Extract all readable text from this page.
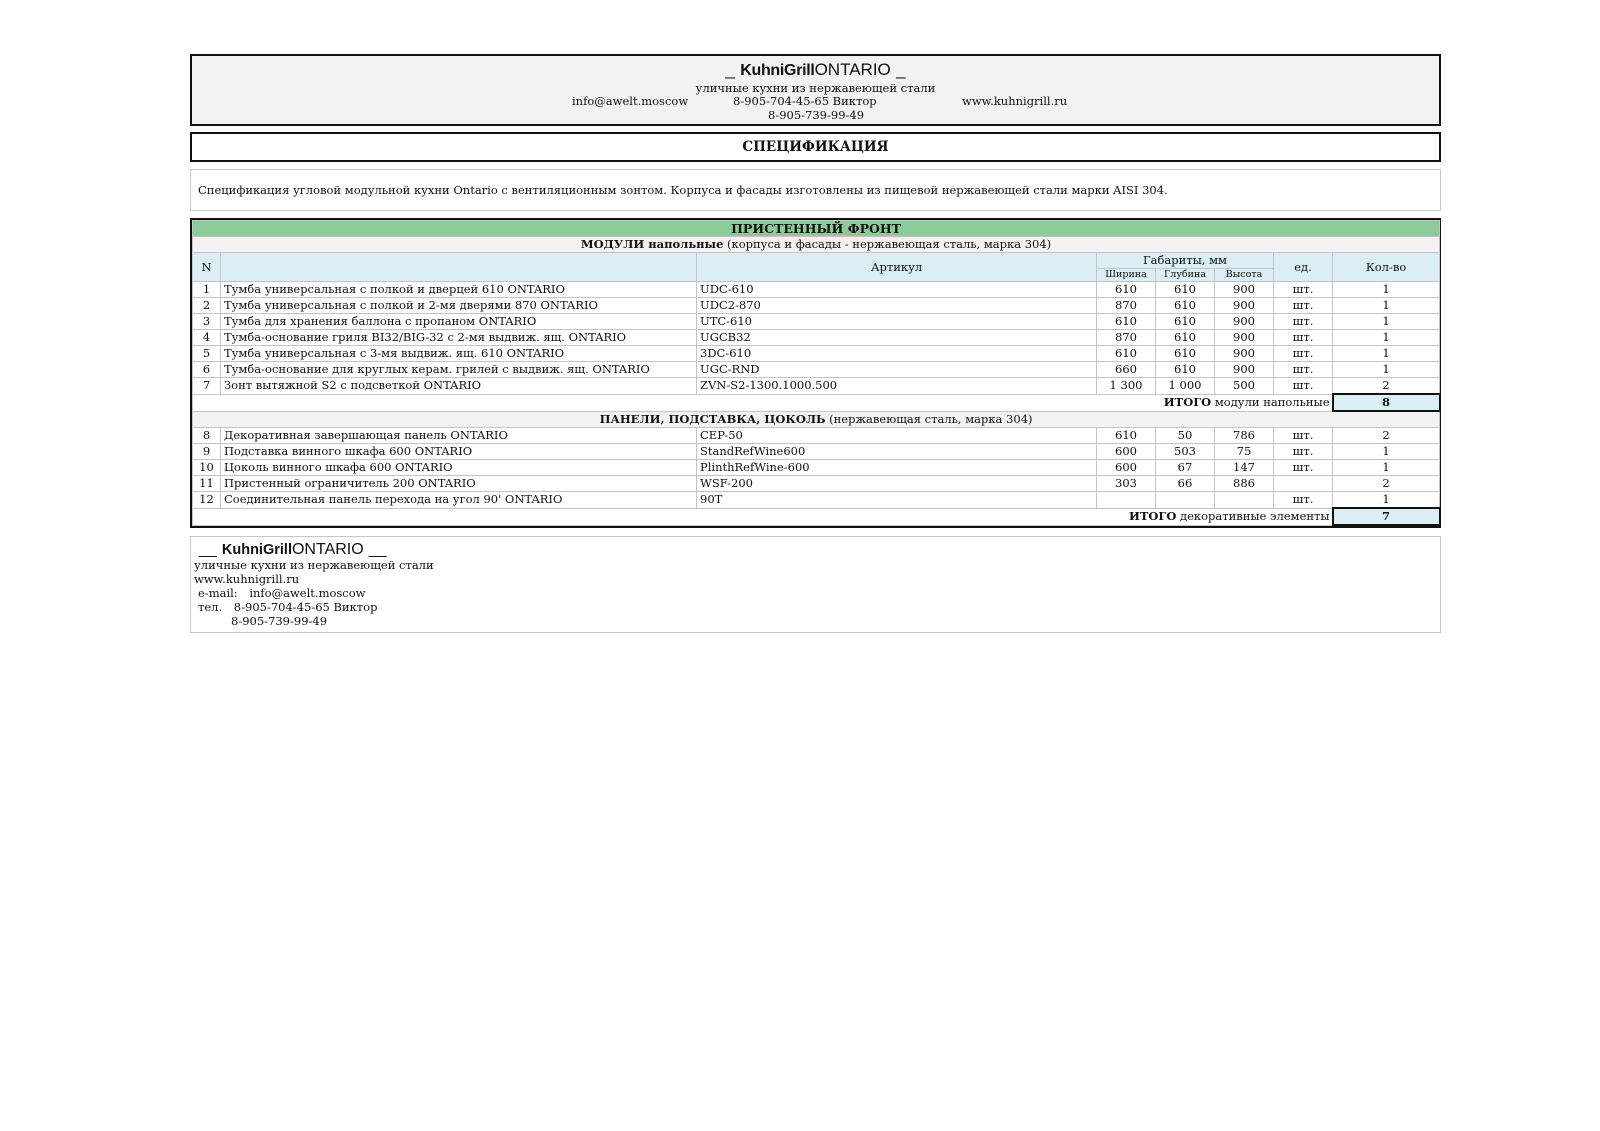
_ KuhniGrillONTARIO _
уличные кухни из нержавеющей стали
info@awelt.moscow	8-905-704-45-65 Виктор	www.kuhnigrill.ru
8-905-739-99-49
СПЕЦИФИКАЦИЯ
Спецификация угловой модульной кухни Ontario с вентиляционным зонтом. Корпуса и фасады изготовлены из пищевой нержавеющей стали марки AISI 304.
ПРИСТЕННЫЙ ФРОНТ							
МОДУЛИ напольные (корпуса и фасады - нержавеющая сталь, марка 304)							
N		Артикул	Габариты, мм			ед.	Кол-во
			Ширина	Глубина	Высота		
1	Тумба универсальная с полкой и дверцей 610 ONTARIO	UDC-610	610	610	900	шт.	1
2	Тумба универсальная с полкой и 2-мя дверями 870 ONTARIO	UDC2-870	870	610	900	шт.	1
3	Тумба для хранения баллона с пропаном ONTARIO	UTC-610	610	610	900	шт.	1
4	Тумба-основание гриля BI32/BIG-32 с 2-мя выдвиж. ящ. ONTARIO	UGCB32	870	610	900	шт.	1
5	Тумба универсальная с 3-мя выдвиж. ящ. 610 ONTARIO	3DC-610	610	610	900	шт.	1
6	Тумба-основание для круглых керам. грилей с выдвиж. ящ. ONTARIO	UGC-RND	660	610	900	шт.	1
7	Зонт вытяжной S2 с подсветкой ONTARIO	ZVN-S2-1300.1000.500	1 300	1 000	500	шт.	2
ИТОГО модули напольные							8
ПАНЕЛИ, ПОДСТАВКА, ЦОКОЛЬ (нержавеющая сталь, марка 304)							
8	Декоративная завершающая панель ONTARIO	CEP-50	610	50	786	шт.	2
9	Подставка винного шкафа 600 ONTARIO	StandRefWine600	600	503	75	шт.	1
10	Цоколь винного шкафа 600 ONTARIO	PlinthRefWine-600	600	67	147	шт.	1
11	Пристенный ограничитель 200 ONTARIO	WSF-200	303	66	886		2
12	Соединительная панель перехода на угол 90' ONTARIO	90T				шт.	1
ИТОГО декоративные элементы							7
__ KuhniGrillONTARIO __
уличные кухни из нержавеющей стали
www.kuhnigrill.ru
e-mail: info@awelt.moscow
тел. 8-905-704-45-65 Виктор
8-905-739-99-49
